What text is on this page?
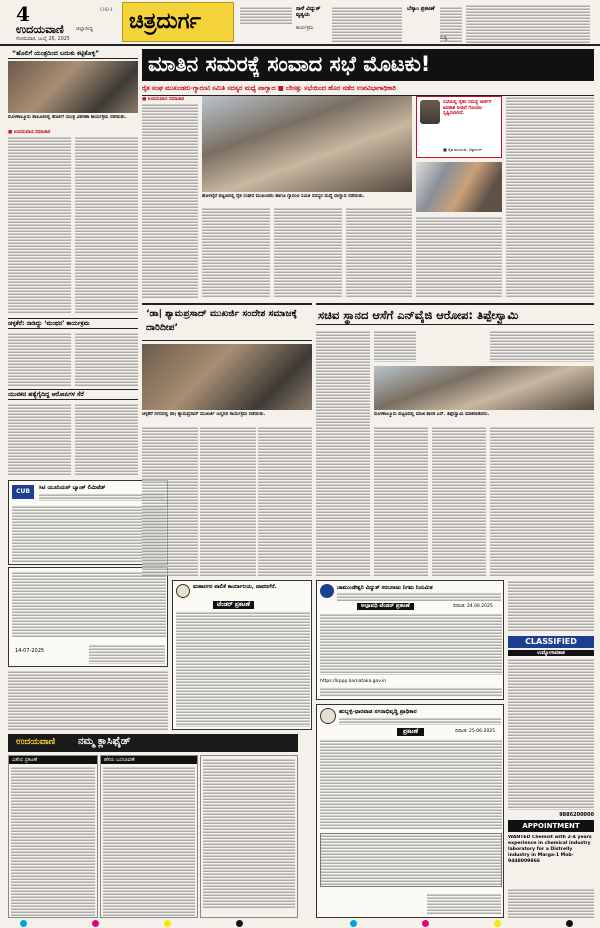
4
ಉದಯವಾಣಿ ಜಿಲ್ಲಾಸುದ್ದಿ
ಸೋಮವಾರ, ಜುಲೈ 26, 2025
CHD 4 ಚಿತ್ರದುರ್ಗ	ನಾಳೆ ವಿದ್ಯುತ್ ವ್ಯತ್ಯಯ
ಕಾರ್ಯಕ್ರಮ
ಬೆಸ್ಕಾಂ ಪ್ರಕಟಣೆ
ಸುದ್ದಿ
“ಹೊಲಿಗೆ ಯಂತ್ರದಿಂದ ಬದುಕು ಕಟ್ಟಿಕೊಳ್ಳಿ”
ಮೊಳಕಾಲ್ಮೂರು ತಾಲೂಕಿನಲ್ಲಿ ಹೊಲಿಗೆ ಯಂತ್ರ ವಿತರಣಾ ಕಾರ್ಯಕ್ರಮ ನಡೆಯಿತು.
■ ಉದಯವಾಣಿ ಸಮಾಚಾರ
ಚಳ್ಳಕೆರೆ: ನಾಡಿದ್ದು ‘ಮಂಥನ’ ಕಾರ್ಯಕ್ರಮ
ಯುವಕನ ಹತ್ಯೆಗೈದಿದ್ದ ಆರೋಪಿಗಳ ಸೆರೆ
CUB	ಸಿಟಿ ಯೂನಿಯನ್ ಬ್ಯಾಂಕ್ ಲಿಮಿಟೆಡ್
14-07-2025
ಉದಯವಾಣಿ ನಮ್ಮ ಕ್ಲಾಸಿಫೈಡ್
ವಿಶೇಷ ಪ್ರಕಟಣೆ	ಹೆಸರು ಬದಲಾವಣೆ
ಮಾತಿನ ಸಮರಕ್ಕೆ ಸಂವಾದ ಸಭೆ ಮೊಟಕು!
ರೈತ ಸಂಘ ಮುಖಂಡರು-ಗ್ಯಾರಂಟಿ ಸಮಿತಿ ಸದಸ್ಯರ ಮಧ್ಯೆ ವಾಗ್ವಾದ ■ ಬೇಸತ್ತು ಸಭೆಯಿಂದ ಹೊರ ನಡೆದ ಉಪವಿಭಾಗಾಧಿಕಾರಿ
■ ಉದಯವಾಣಿ ಸಮಾಚಾರ
ಹೊಳಲ್ಕೆರೆ ಪಟ್ಟಣದಲ್ಲಿ ರೈತ ಸಂಘದ ಮುಖಂಡರು ಹಾಗೂ ಗ್ಯಾರಂಟಿ ಸಮಿತಿ ಸದಸ್ಯರ ಮಧ್ಯೆ ವಾಗ್ವಾದ ನಡೆಯಿತು.
ಸಭೆಯಲ್ಲಿ ರೈತರ ಸಮಸ್ಯೆ ಚರ್ಚೆಗೆ ಅವಕಾಶ ನೀಡದೆ ಗೊಂದಲ ಸೃಷ್ಟಿಸಲಾಗಿದೆ.
■ ರೈತ ಮುಖಂಡ, ಚಿತ್ರದುರ್ಗ
‘ಡಾ| ಶ್ಯಾಮಪ್ರಸಾದ್ ಮುಖರ್ಜಿ ಸಂದೇಶ ಸಮಾಜಕ್ಕೆ ದಾರಿದೀಪ’
ಚಳ್ಳಕೆರೆ ನಗರದಲ್ಲಿ ಡಾ| ಶ್ಯಾಮಪ್ರಸಾದ್ ಮುಖರ್ಜಿ ಜನ್ಮದಿನ ಕಾರ್ಯಕ್ರಮ ನಡೆಯಿತು.
ಸಚಿವ ಸ್ಥಾನದ ಆಸೆಗೆ ಎನ್‌ವೈಜಿ ಆರೋಪ: ತಿಪ್ಪೇಸ್ವಾಮಿ
ಮೊಳಕಾಲ್ಮೂರು ಪಟ್ಟಣದಲ್ಲಿ ಮಾಜಿ ಶಾಸಕ ಎಸ್. ತಿಪ್ಪೇಸ್ವಾಮಿ ಮಾತನಾಡಿದರು.
ಮಹಾನಗರ ಪಾಲಿಕೆ ಕಾರ್ಯಾಲಯ, ದಾವಣಗೆರೆ.
ಟೆಂಡರ್ ಪ್ರಕಟಣೆ
ಚಾಮುಂಡೇಶ್ವರಿ ವಿದ್ಯುತ್ ಸರಬರಾಜು ನಿಗಮ ನಿಯಮಿತ
ಅಲ್ಪಾವಧಿ ಟೆಂಡರ್ ಪ್ರಕಟಣೆ	ದಿನಾಂಕ: 24.06.2025
https://kppp.karnataka.gov.in
ಹುಬ್ಬಳ್ಳಿ-ಧಾರವಾಡ ನಗರಾಭಿವೃದ್ಧಿ ಪ್ರಾಧಿಕಾರ
ಪ್ರಕಟಣೆ	ದಿನಾಂಕ: 25-06-2025
CLASSIFIED
ಉದ್ಯೋಗಾವಕಾಶ
9886200000
APPOINTMENT
WANTED Chemist with 2-4 years experience in chemical industry laboratory for a Distrelly industry in Marga-1 Mob-9448009866
